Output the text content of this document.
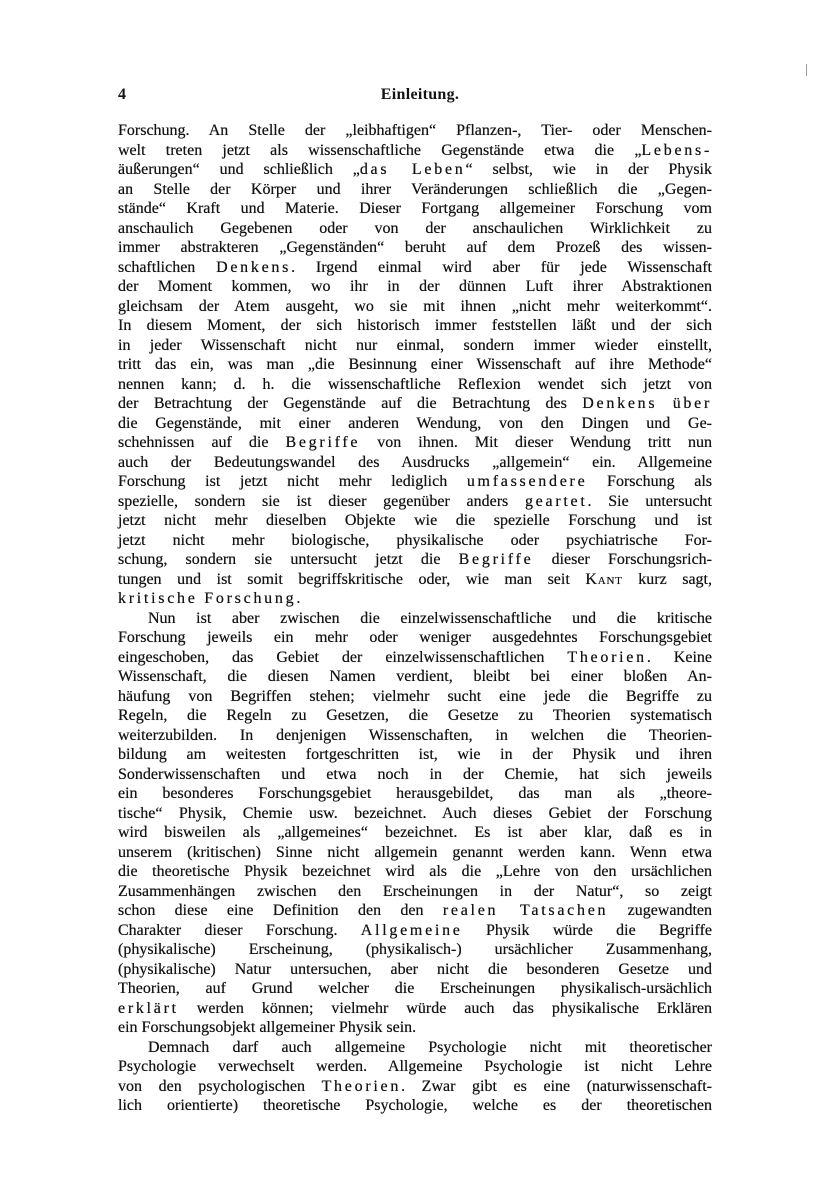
4	Einleitung.
Forschung. An Stelle der „leibhaftigen“ Pflanzen-, Tier- oder Menschen-
welt treten jetzt als wissenschaftliche Gegenstände etwa die „Lebens-
äußerungen“ und schließlich „das Leben“ selbst, wie in der Physik
an Stelle der Körper und ihrer Veränderungen schließlich die „Gegen-
stände“ Kraft und Materie. Dieser Fortgang allgemeiner Forschung vom
anschaulich Gegebenen oder von der anschaulichen Wirklichkeit zu
immer abstrakteren „Gegenständen“ beruht auf dem Prozeß des wissen-
schaftlichen Denkens. Irgend einmal wird aber für jede Wissenschaft
der Moment kommen, wo ihr in der dünnen Luft ihrer Abstraktionen
gleichsam der Atem ausgeht, wo sie mit ihnen „nicht mehr weiterkommt“.
In diesem Moment, der sich historisch immer feststellen läßt und der sich
in jeder Wissenschaft nicht nur einmal, sondern immer wieder einstellt,
tritt das ein, was man „die Besinnung einer Wissenschaft auf ihre Methode“
nennen kann; d. h. die wissenschaftliche Reflexion wendet sich jetzt von
der Betrachtung der Gegenstände auf die Betrachtung des Denkens über
die Gegenstände, mit einer anderen Wendung, von den Dingen und Ge-
schehnissen auf die Begriffe von ihnen. Mit dieser Wendung tritt nun
auch der Bedeutungswandel des Ausdrucks „allgemein“ ein. Allgemeine
Forschung ist jetzt nicht mehr lediglich umfassendere Forschung als
spezielle, sondern sie ist dieser gegenüber anders geartet. Sie untersucht
jetzt nicht mehr dieselben Objekte wie die spezielle Forschung und ist
jetzt nicht mehr biologische, physikalische oder psychiatrische For-
schung, sondern sie untersucht jetzt die Begriffe dieser Forschungsrich-
tungen und ist somit begriffskritische oder, wie man seit Kant kurz sagt,
kritische Forschung.
Nun ist aber zwischen die einzelwissenschaftliche und die kritische
Forschung jeweils ein mehr oder weniger ausgedehntes Forschungsgebiet
eingeschoben, das Gebiet der einzelwissenschaftlichen Theorien. Keine
Wissenschaft, die diesen Namen verdient, bleibt bei einer bloßen An-
häufung von Begriffen stehen; vielmehr sucht eine jede die Begriffe zu
Regeln, die Regeln zu Gesetzen, die Gesetze zu Theorien systematisch
weiterzubilden. In denjenigen Wissenschaften, in welchen die Theorien-
bildung am weitesten fortgeschritten ist, wie in der Physik und ihren
Sonderwissenschaften und etwa noch in der Chemie, hat sich jeweils
ein besonderes Forschungsgebiet herausgebildet, das man als „theore-
tische“ Physik, Chemie usw. bezeichnet. Auch dieses Gebiet der Forschung
wird bisweilen als „allgemeines“ bezeichnet. Es ist aber klar, daß es in
unserem (kritischen) Sinne nicht allgemein genannt werden kann. Wenn etwa
die theoretische Physik bezeichnet wird als die „Lehre von den ursächlichen
Zusammenhängen zwischen den Erscheinungen in der Natur“, so zeigt
schon diese eine Definition den den realen Tatsachen zugewandten
Charakter dieser Forschung. Allgemeine Physik würde die Begriffe
(physikalische) Erscheinung, (physikalisch-) ursächlicher Zusammenhang,
(physikalische) Natur untersuchen, aber nicht die besonderen Gesetze und
Theorien, auf Grund welcher die Erscheinungen physikalisch-ursächlich
erklärt werden können; vielmehr würde auch das physikalische Erklären
ein Forschungsobjekt allgemeiner Physik sein.
Demnach darf auch allgemeine Psychologie nicht mit theoretischer
Psychologie verwechselt werden. Allgemeine Psychologie ist nicht Lehre
von den psychologischen Theorien. Zwar gibt es eine (naturwissenschaft-
lich orientierte) theoretische Psychologie, welche es der theoretischen
